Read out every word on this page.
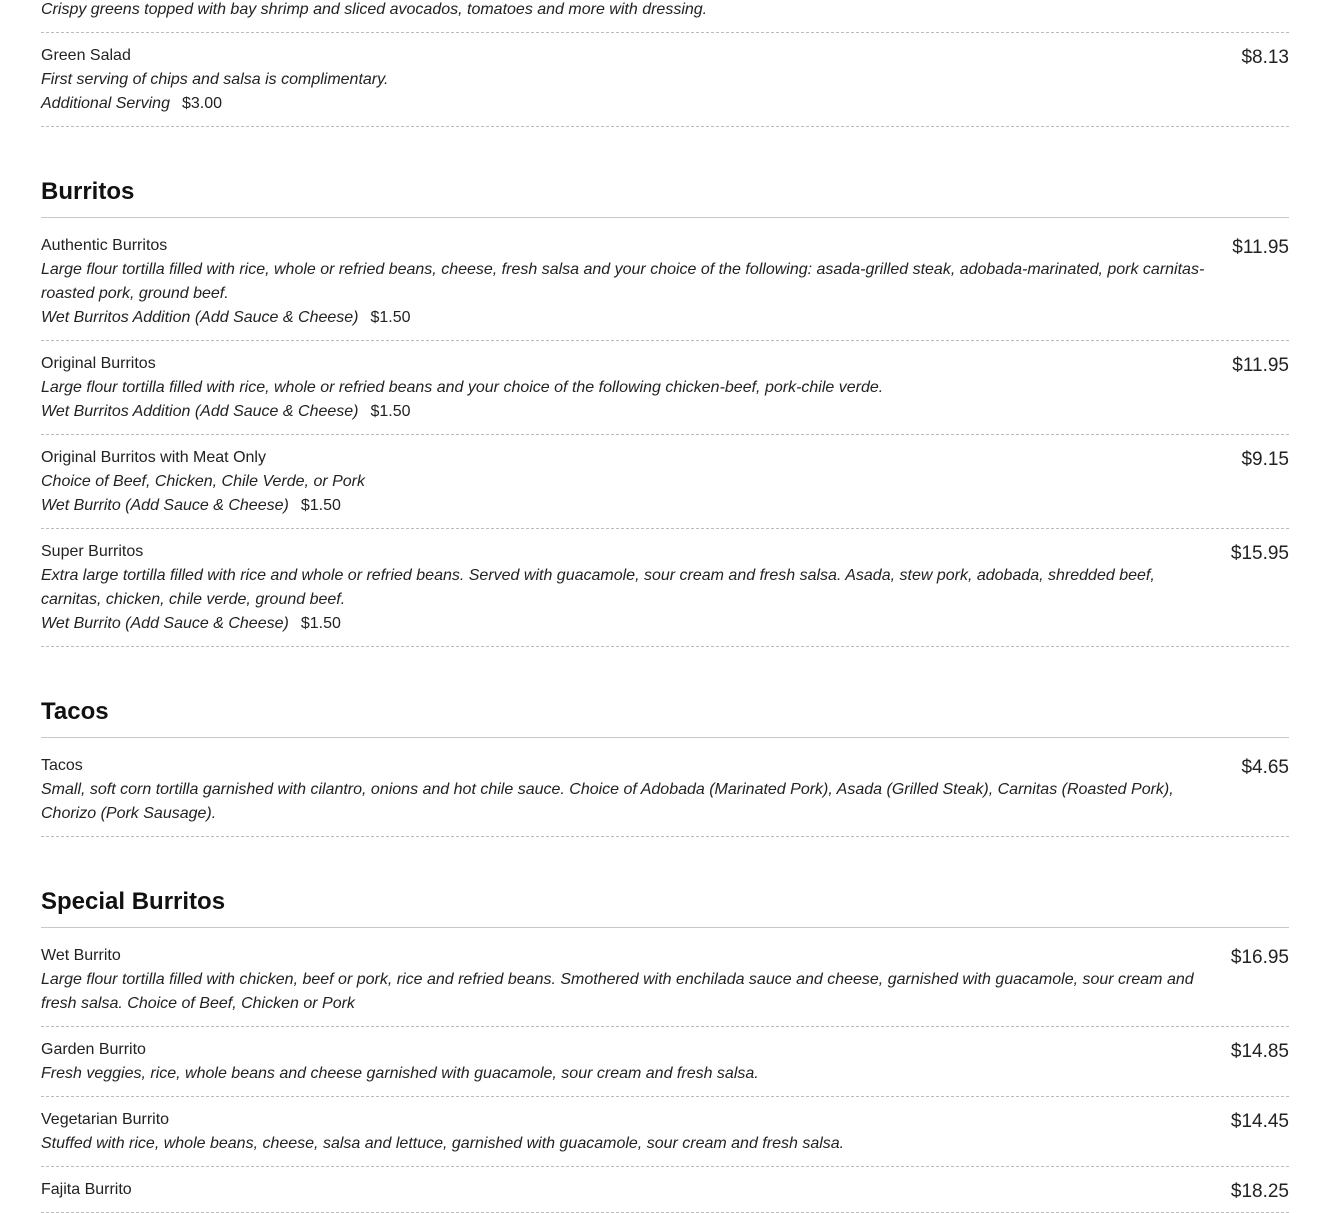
Crispy greens topped with bay shrimp and sliced avocados, tomatoes and more with dressing.
Green Salad	$8.13
First serving of chips and salsa is complimentary.
Additional Serving $3.00
Burritos
Authentic Burritos	$11.95
Large flour tortilla filled with rice, whole or refried beans, cheese, fresh salsa and your choice of the following: asada-grilled steak, adobada-marinated, pork carnitas-roasted pork, ground beef.
Wet Burritos Addition (Add Sauce & Cheese) $1.50
Original Burritos	$11.95
Large flour tortilla filled with rice, whole or refried beans and your choice of the following chicken-beef, pork-chile verde.
Wet Burritos Addition (Add Sauce & Cheese) $1.50
Original Burritos with Meat Only	$9.15
Choice of Beef, Chicken, Chile Verde, or Pork
Wet Burrito (Add Sauce & Cheese) $1.50
Super Burritos	$15.95
Extra large tortilla filled with rice and whole or refried beans. Served with guacamole, sour cream and fresh salsa. Asada, stew pork, adobada, shredded beef, carnitas, chicken, chile verde, ground beef.
Wet Burrito (Add Sauce & Cheese) $1.50
Tacos
Tacos	$4.65
Small, soft corn tortilla garnished with cilantro, onions and hot chile sauce. Choice of Adobada (Marinated Pork), Asada (Grilled Steak), Carnitas (Roasted Pork), Chorizo (Pork Sausage).
Special Burritos
Wet Burrito	$16.95
Large flour tortilla filled with chicken, beef or pork, rice and refried beans. Smothered with enchilada sauce and cheese, garnished with guacamole, sour cream and fresh salsa. Choice of Beef, Chicken or Pork
Garden Burrito	$14.85
Fresh veggies, rice, whole beans and cheese garnished with guacamole, sour cream and fresh salsa.
Vegetarian Burrito	$14.45
Stuffed with rice, whole beans, cheese, salsa and lettuce, garnished with guacamole, sour cream and fresh salsa.
Fajita Burrito	$18.25
